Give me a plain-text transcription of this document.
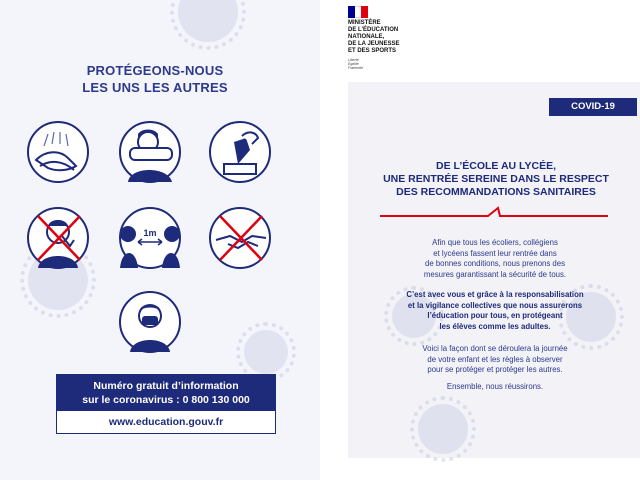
PROTÉGEONS-NOUS
LES UNS LES AUTRES
1m
Numéro gratuit d’information
sur le coronavirus : 0 800 130 000
www.education.gouv.fr
MINISTÈRE
DE L’ÉDUCATION
NATIONALE,
DE LA JEUNESSE
ET DES SPORTS
Liberté
Égalité
Fraternité
COVID-19
DE L’ÉCOLE AU LYCÉE,
UNE RENTRÉE SEREINE DANS LE RESPECT
DES RECOMMANDATIONS SANITAIRES
Afin que tous les écoliers, collégiens
et lycéens fassent leur rentrée dans
de bonnes conditions, nous prenons des
mesures garantissant la sécurité de tous.
C’est avec vous et grâce à la responsabilisation
et la vigilance collectives que nous assurerons
l’éducation pour tous, en protégeant
les élèves comme les adultes.
Voici la façon dont se déroulera la journée
de votre enfant et les règles à observer
pour se protéger et protéger les autres.
Ensemble, nous réussirons.
